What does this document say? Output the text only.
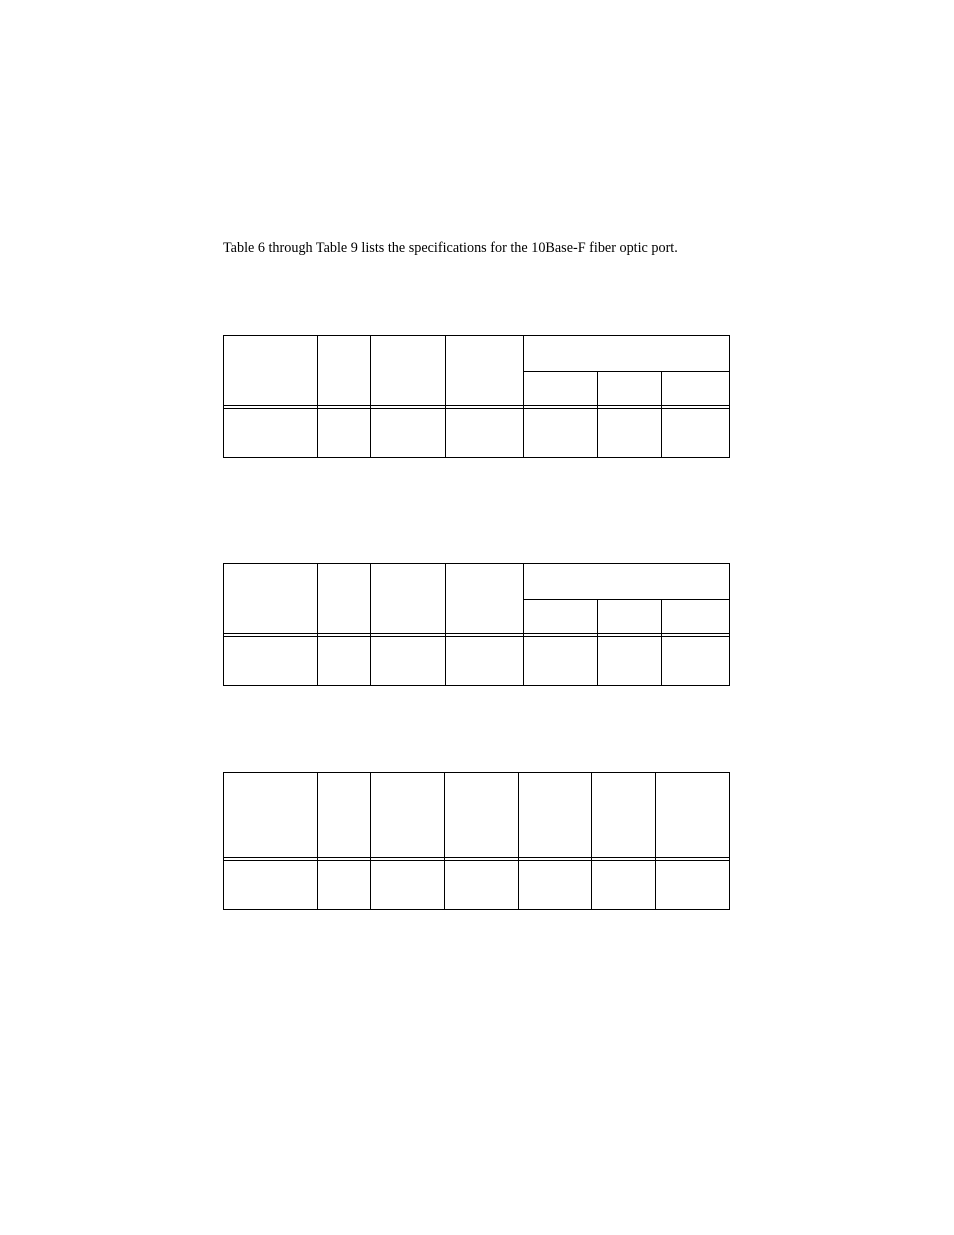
Table 6 through Table 9 lists the specifications for the 10Base-F fiber optic port.
